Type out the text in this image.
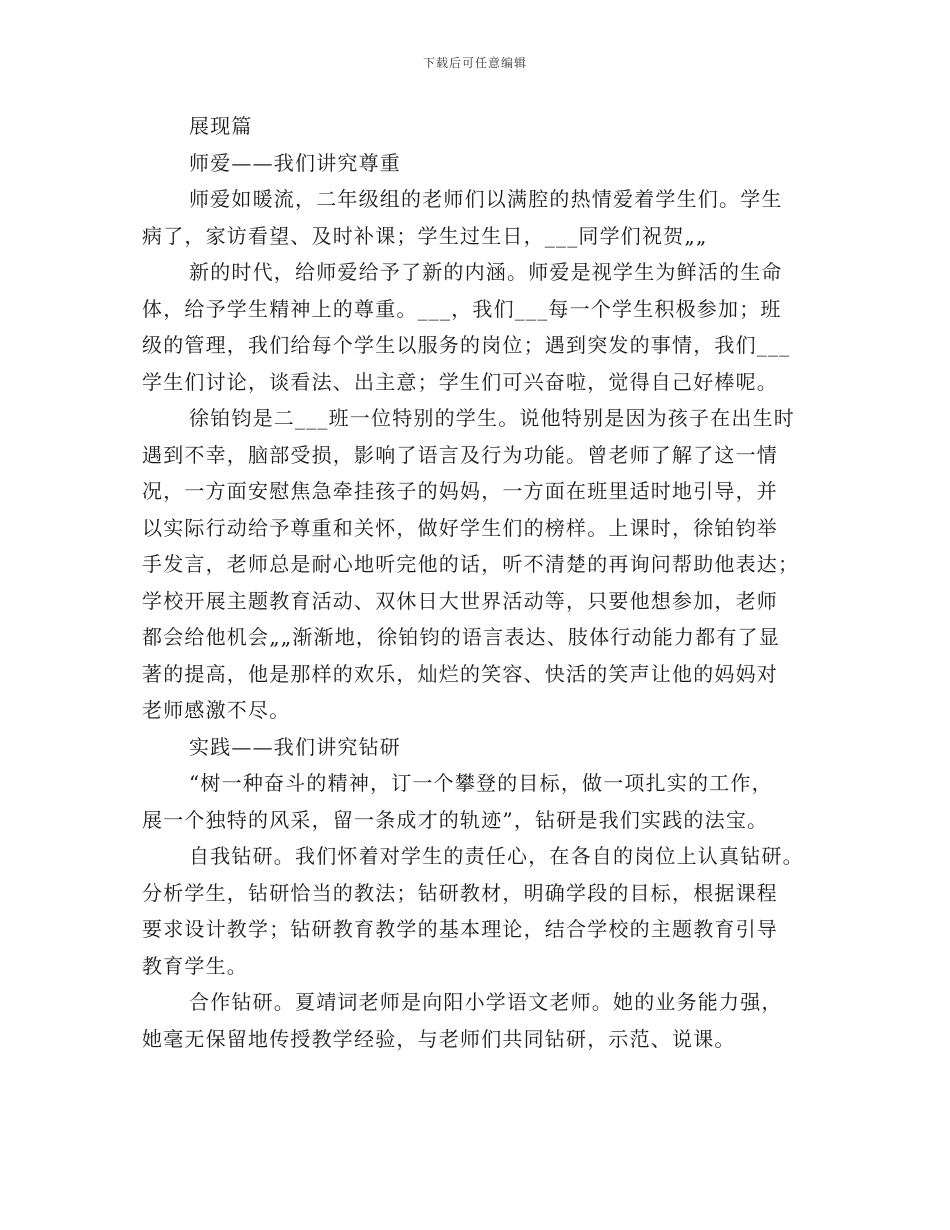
下载后可任意编辑
展现篇
师爱——我们讲究尊重
师爱如暖流，二年级组的老师们以满腔的热情爱着学生们。学生
病了，家访看望、及时补课；学生过生日，___同学们祝贺„„
新的时代，给师爱给予了新的内涵。师爱是视学生为鲜活的生命
体，给予学生精神上的尊重。___，我们___每一个学生积极参加；班
级的管理，我们给每个学生以服务的岗位；遇到突发的事情，我们___
学生们讨论，谈看法、出主意；学生们可兴奋啦，觉得自己好棒呢。
徐铂钧是二___班一位特别的学生。说他特别是因为孩子在出生时
遇到不幸，脑部受损，影响了语言及行为功能。曾老师了解了这一情
况，一方面安慰焦急牵挂孩子的妈妈，一方面在班里适时地引导，并
以实际行动给予尊重和关怀，做好学生们的榜样。上课时，徐铂钧举
手发言，老师总是耐心地听完他的话，听不清楚的再询问帮助他表达；
学校开展主题教育活动、双休日大世界活动等，只要他想参加，老师
都会给他机会„„渐渐地，徐铂钧的语言表达、肢体行动能力都有了显
著的提高，他是那样的欢乐，灿烂的笑容、快活的笑声让他的妈妈对
老师感激不尽。
实践——我们讲究钻研
“树一种奋斗的精神，订一个攀登的目标，做一项扎实的工作，
展一个独特的风采，留一条成才的轨迹”，钻研是我们实践的法宝。
自我钻研。我们怀着对学生的责任心，在各自的岗位上认真钻研。
分析学生，钻研恰当的教法；钻研教材，明确学段的目标，根据课程
要求设计教学；钻研教育教学的基本理论，结合学校的主题教育引导
教育学生。
合作钻研。夏靖词老师是向阳小学语文老师。她的业务能力强，
她毫无保留地传授教学经验，与老师们共同钻研，示范、说课。
